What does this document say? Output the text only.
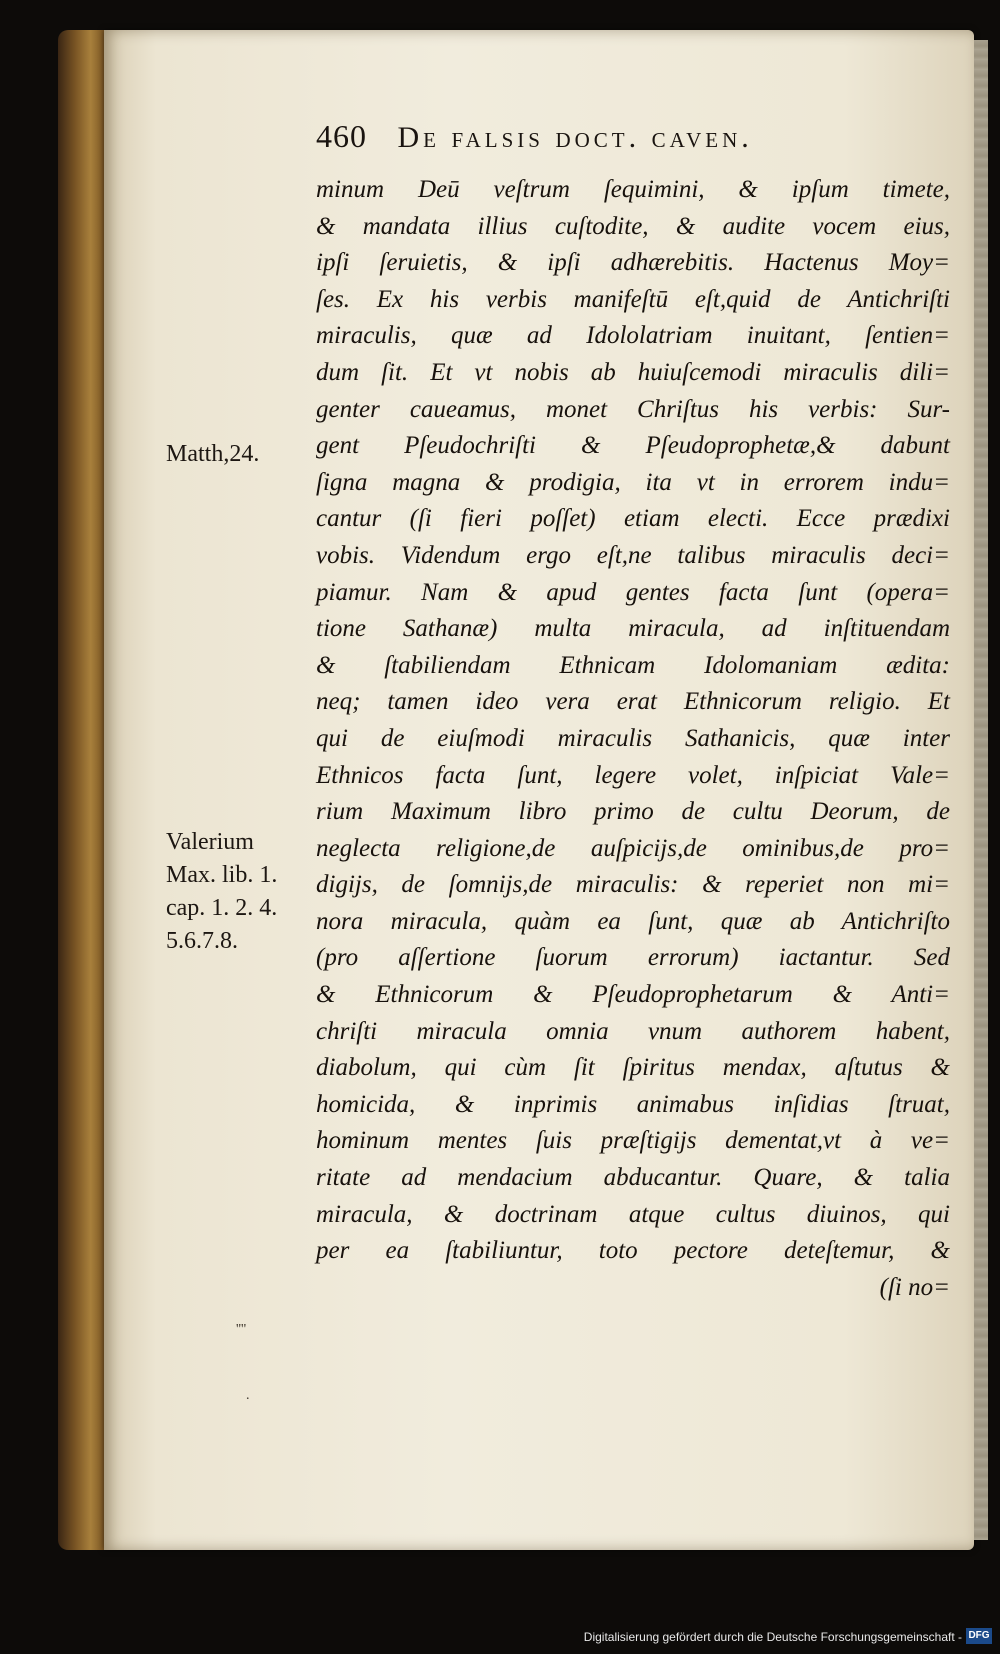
460 De falsis doct. caven.
minum Deū veſtrum ſequimini, & ipſum timete,
& mandata illius cuſtodite, & audite vocem eius,
ipſi ſeruietis, & ipſi adhærebitis. Hactenus Moy=
ſes. Ex his verbis manifeſtū eſt,quid de Antichriſti
miraculis, quæ ad Idololatriam inuitant, ſentien=
dum ſit. Et vt nobis ab huiuſcemodi miraculis dili=
genter caueamus, monet Chriſtus his verbis: Sur-
gent Pſeudochriſti & Pſeudoprophetæ,& dabunt
ſigna magna & prodigia, ita vt in errorem indu=
cantur (ſi fieri poſſet) etiam electi. Ecce prædixi
vobis. Videndum ergo eſt,ne talibus miraculis deci=
piamur. Nam & apud gentes facta ſunt (opera=
tione Sathanæ) multa miracula, ad inſtituendam
& ſtabiliendam Ethnicam Idolomaniam ædita:
neq; tamen ideo vera erat Ethnicorum religio. Et
qui de eiuſmodi miraculis Sathanicis, quæ inter
Ethnicos facta ſunt, legere volet, inſpiciat Vale=
rium Maximum libro primo de cultu Deorum, de
neglecta religione,de auſpicijs,de ominibus,de pro=
digijs, de ſomnijs,de miraculis: & reperiet non mi=
nora miracula, quàm ea ſunt, quæ ab Antichriſto
(pro aſſertione ſuorum errorum) iactantur. Sed
& Ethnicorum & Pſeudoprophetarum & Anti=
chriſti miracula omnia vnum authorem habent,
diabolum, qui cùm ſit ſpiritus mendax, aſtutus &
homicida, & inprimis animabus inſidias ſtruat,
hominum mentes ſuis præſtigijs dementat,vt à ve=
ritate ad mendacium abducantur. Quare, & talia
miracula, & doctrinam atque cultus diuinos, qui
per ea ſtabiliuntur, toto pectore deteſtemur, &
(ſi no=
Matth,24.
Valerium
Max. lib. 1.
cap. 1. 2. 4.
5.6.7.8.
''''
.
Digitalisierung gefördert durch die Deutsche Forschungsgemeinschaft - DFG
